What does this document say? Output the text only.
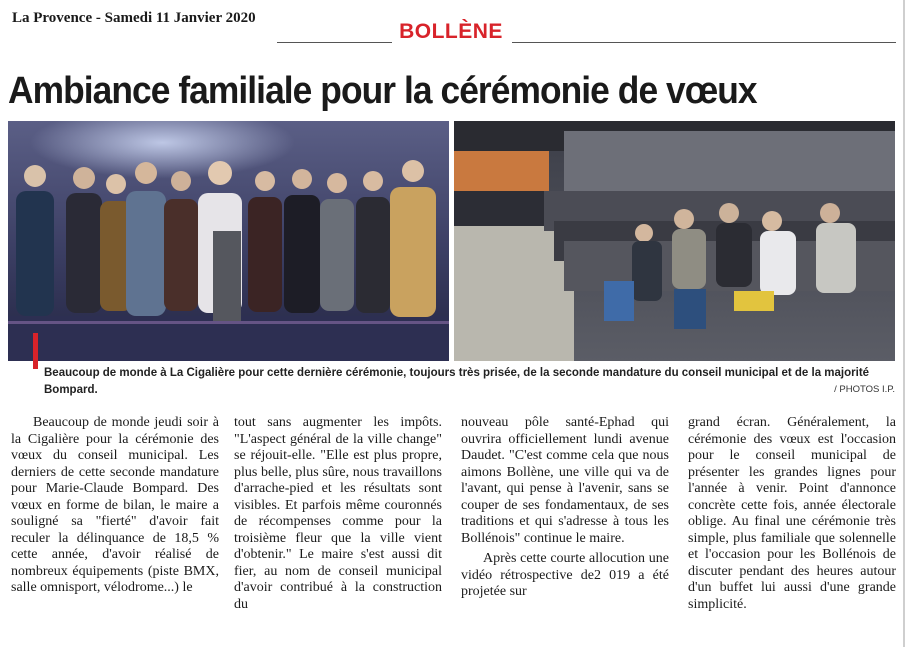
La Provence - Samedi 11 Janvier 2020
BOLLÈNE
Ambiance familiale pour la cérémonie de vœux
Beaucoup de monde à La Cigalière pour cette dernière cérémonie, toujours très prisée, de la seconde mandature du conseil municipal et de la majorité Bompard.	/ PHOTOS I.P.

Beaucoup de monde jeudi soir à la Cigalière pour la cérémonie des vœux du conseil municipal. Les derniers de cette seconde mandature pour Marie-Claude Bompard. Des vœux en forme de bilan, le maire a souligné sa "fierté" d'avoir fait reculer la délinquance de 18,5 % cette année, d'avoir réalisé de nombreux équipements (piste BMX, salle omnisport, vélodrome...) le

tout sans augmenter les impôts. "L'aspect général de la ville change" se réjouit-elle. "Elle est plus propre, plus belle, plus sûre, nous travaillons d'arrache-pied et les résultats sont visibles. Et parfois même couronnés de récompenses comme pour la troisième fleur que la ville vient d'obtenir." Le maire s'est aussi dit fier, au nom de conseil municipal d'avoir contribué à la construction du

nouveau pôle santé-Ephad qui ouvrira officiellement lundi avenue Daudet. "C'est comme cela que nous aimons Bollène, une ville qui va de l'avant, qui pense à l'avenir, sans se couper de ses fondamentaux, de ses traditions et qui s'adresse à tous les Bollénois" continue le maire.

Après cette courte allocution une vidéo rétrospective de2 019 a été projetée sur

grand écran. Généralement, la cérémonie des vœux est l'occasion pour le conseil municipal de présenter les grandes lignes pour l'année à venir. Point d'annonce concrète cette fois, année électorale oblige. Au final une cérémonie très simple, plus familiale que solennelle et l'occasion pour les Bollénois de discuter pendant des heures autour d'un buffet lui aussi d'une grande simplicité.
